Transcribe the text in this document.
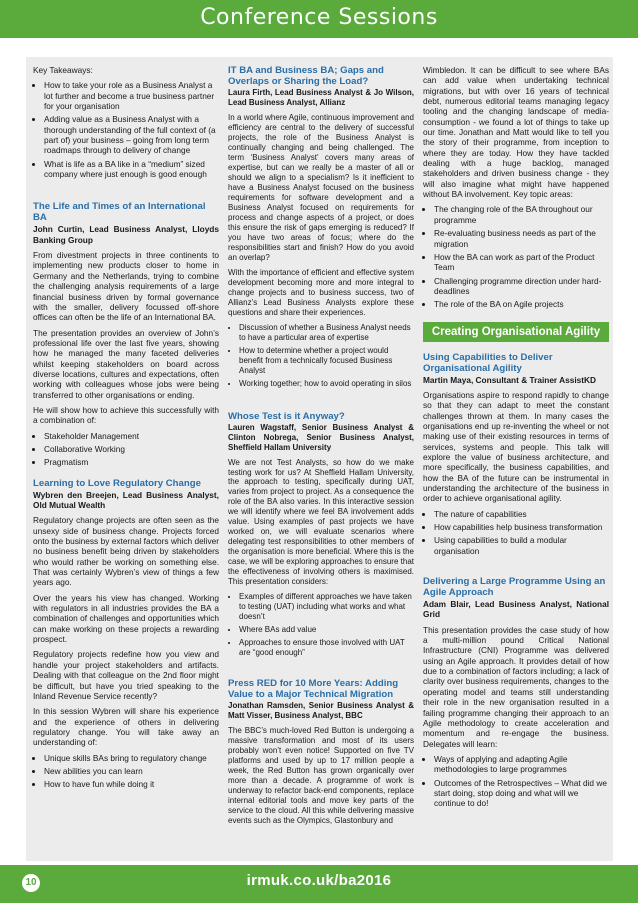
Conference Sessions

Key Takeaways:

• How to take your role as a Business Analyst a lot further and become a true business partner for your organisation
• Adding value as a Business Analyst with a thorough understanding of the full context of (a part of) your business – going from long term roadmaps through to delivery of change
• What is life as a BA like in a “medium” sized company where just enough is good enough
The Life and Times of an International BA

John Curtin, Lead Business Analyst, Lloyds Banking Group

From divestment projects in three continents to implementing new products closer to home in Germany and the Netherlands, trying to combine the challenging analysis requirements of a large financial business driven by formal governance with the smaller, delivery focussed off-shore offices can often be the life of an International BA.

The presentation provides an overview of John’s professional life over the last five years, showing how he managed the many faceted deliveries whilst keeping stakeholders on board across diverse locations, cultures and expectations, often working with colleagues whose jobs were being transferred to other organisations or ending.

He will show how to achieve this successfully with a combination of:

• Stakeholder Management
• Collaborative Working
• Pragmatism
Learning to Love Regulatory Change

Wybren den Breejen, Lead Business Analyst, Old Mutual Wealth

Regulatory change projects are often seen as the unsexy side of business change. Projects forced onto the business by external factors which deliver no business benefit being driven by stakeholders who would rather be working on something else. That was certainly Wybren’s view of things a few years ago.

Over the years his view has changed. Working with regulators in all industries provides the BA a combination of challenges and opportunities which can make working on these projects a rewarding prospect.

Regulatory projects redefine how you view and handle your project stakeholders and artifacts. Dealing with that colleague on the 2nd floor might be difficult, but have you tried speaking to the Inland Revenue Service recently?

In this session Wybren will share his experience and the experience of others in delivering regulatory change. You will take away an understanding of:

• Unique skills BAs bring to regulatory change
• New abilities you can learn
• How to have fun while doing it
IT BA and Business BA; Gaps and Overlaps or Sharing the Load?

Laura Firth, Lead Business Analyst & Jo Wilson, Lead Business Analyst, Allianz

In a world where Agile, continuous improvement and efficiency are central to the delivery of successful projects, the role of the Business Analyst is continually changing and being challenged. The term ‘Business Analyst’ covers many areas of expertise, but can we really be a master of all or should we align to a specialism? Is it inefficient to have a Business Analyst focused on the business requirements for software development and a Business Analyst focused on requirements for process and change aspects of a project, or does this ensure the risk of gaps emerging is reduced? If you have two areas of focus; where do the responsibilities start and finish? How do you avoid an overlap?

With the importance of efficient and effective system development becoming more and more integral to change projects and to business success, two of Allianz’s Lead Business Analysts explore these questions and share their experiences.

• Discussion of whether a Business Analyst needs to have a particular area of expertise
• How to determine whether a project would benefit from a technically focused Business Analyst
• Working together; how to avoid operating in silos
Whose Test is it Anyway?

Lauren Wagstaff, Senior Business Analyst & Clinton Nobrega, Senior Business Analyst, Sheffield Hallam University

We are not Test Analysts, so how do we make testing work for us? At Sheffield Hallam University, the approach to testing, specifically during UAT, varies from project to project. As a consequence the role of the BA also varies. In this interactive session we will identify where we feel BA involvement adds value. Using examples of past projects we have worked on, we will evaluate scenarios where delegating test responsibilities to other members of the organisation is more beneficial. Where this is the case, we will be exploring approaches to ensure that the effectiveness of involving others is maximised. This presentation considers:

• Examples of different approaches we have taken to testing (UAT) including what works and what doesn’t
• Where BAs add value
• Approaches to ensure those involved with UAT are “good enough”
Press RED for 10 More Years: Adding Value to a Major Technical Migration

Jonathan Ramsden, Senior Business Analyst & Matt Visser, Business Analyst, BBC

The BBC’s much-loved Red Button is undergoing a massive transformation and most of its users probably won’t even notice! Supported on five TV platforms and used by up to 17 million people a week, the Red Button has grown organically over more than a decade. A programme of work is underway to refactor back-end components, replace internal editorial tools and move key parts of the service to the cloud. All this while delivering massive events such as the Olympics, Glastonbury and

Wimbledon. It can be difficult to see where BAs can add value when undertaking technical migrations, but with over 16 years of technical debt, numerous editorial teams managing legacy tooling and the changing landscape of media-consumption - we found a lot of things to take up our time. Jonathan and Matt would like to tell you the story of their programme, from inception to where they are today. How they have tackled dealing with a huge backlog, managed stakeholders and driven business change - they will also imagine what might have happened without BA involvement. Key topic areas:

• The changing role of the BA throughout our programme
• Re-evaluating business needs as part of the migration
• How the BA can work as part of the Product Team
• Challenging programme direction under hard-deadlines
• The role of the BA on Agile projects
Creating Organisational Agility
Using Capabilities to Deliver Organisational Agility

Martin Maya, Consultant & Trainer AssistKD

Organisations aspire to respond rapidly to change so that they can adapt to meet the constant challenges thrown at them. In many cases the organisations end up re-inventing the wheel or not making use of their existing resources in terms of services, systems and people. This talk will explore the value of business architecture, and more specifically, the business capabilities, and how the BA of the future can be instrumental in understanding the architecture of the business in order to achieve organisational agility.

• The nature of capabilities
• How capabilities help business transformation
• Using capabilities to build a modular organisation
Delivering a Large Programme Using an Agile Approach

Adam Blair, Lead Business Analyst, National Grid

This presentation provides the case study of how a multi-million pound Critical National Infrastructure (CNI) Programme was delivered using an Agile approach. It provides detail of how due to a combination of factors including; a lack of clarity over business requirements, changes to the operating model and teams still understanding their role in the new organisation resulted in a failing programme changing their approach to an Agile methodology to create acceleration and momentum and re-engage the business. Delegates will learn:

• Ways of applying and adapting Agile methodologies to large programmes
• Outcomes of the Retrospectives – What did we start doing, stop doing and what will we continue to do!
10	irmuk.co.uk/ba2016
